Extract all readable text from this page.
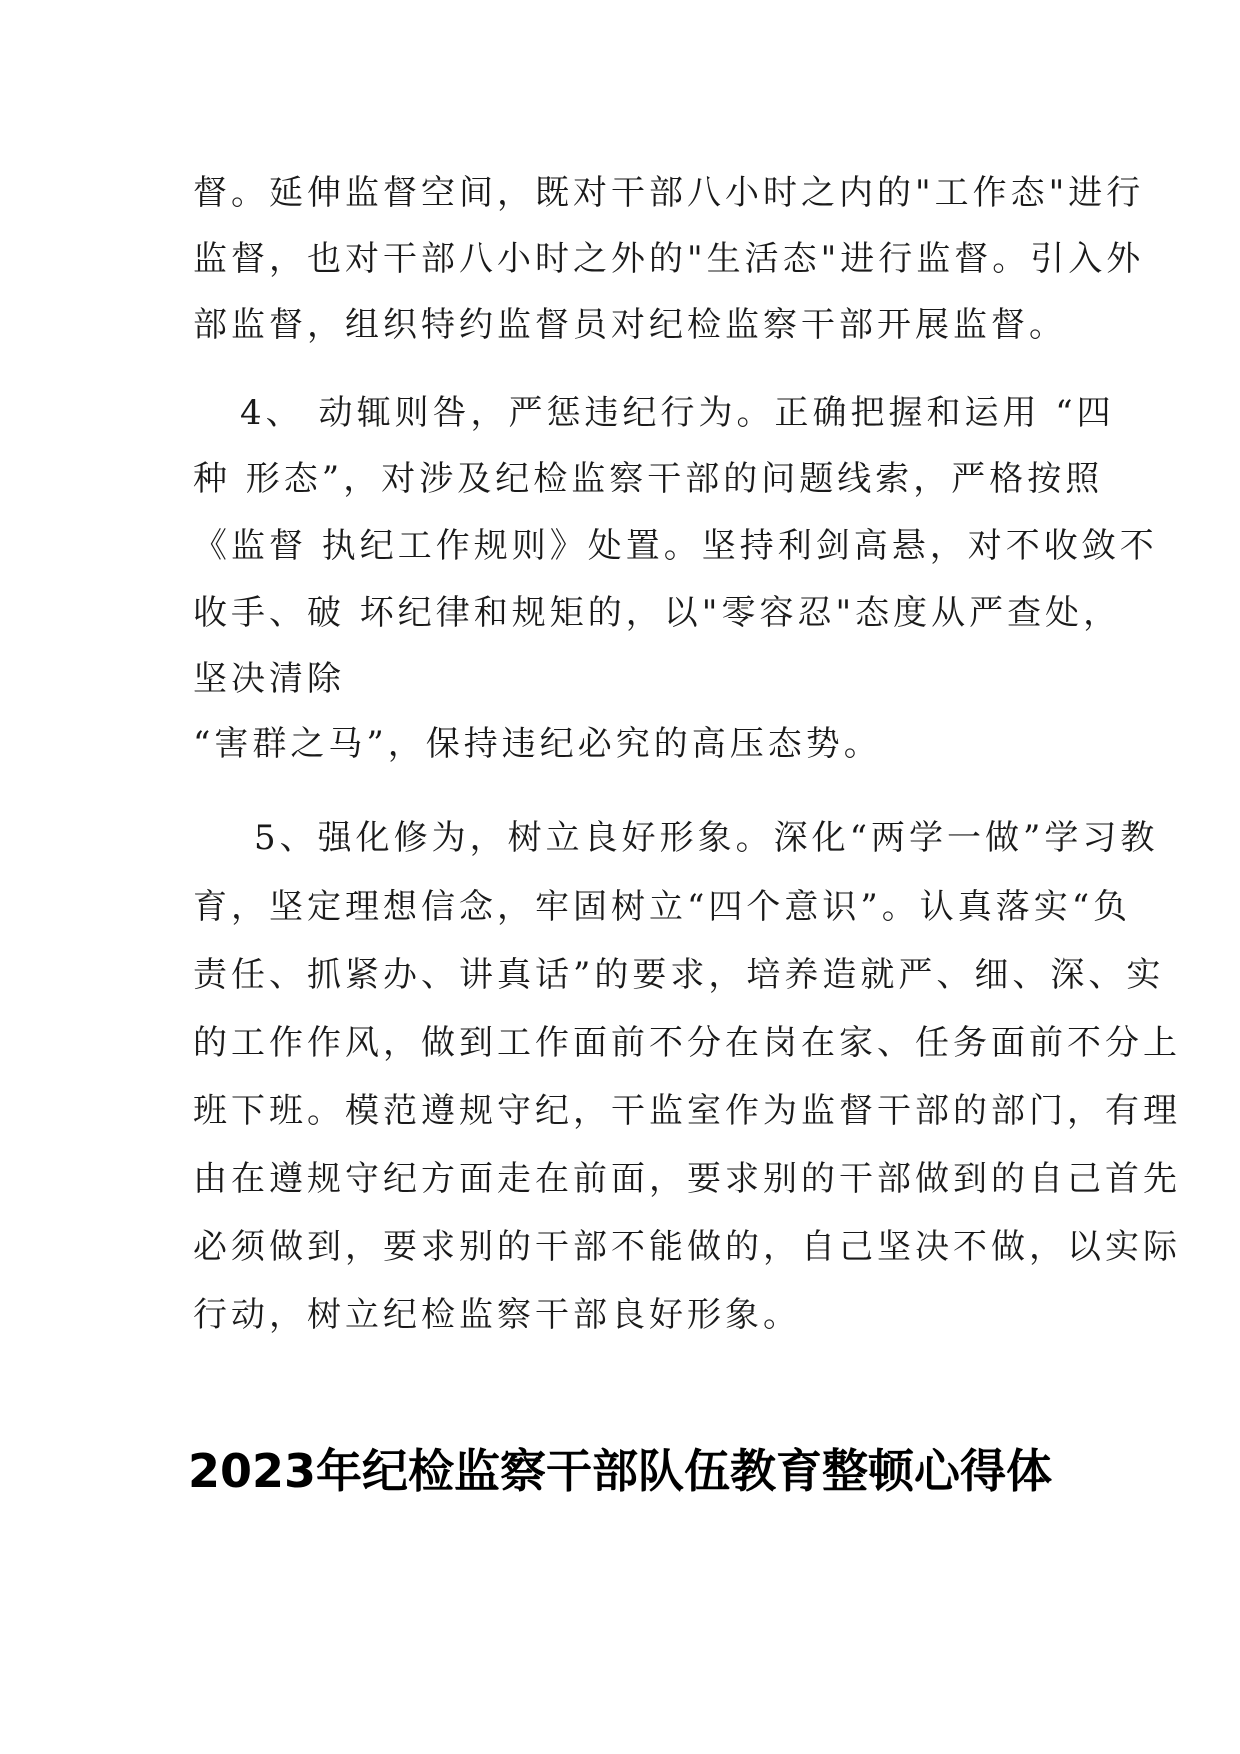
督。延伸监督空间，既对干部八小时之内的"工作态"进行
监督，也对干部八小时之外的"生活态"进行监督。引入外
部监督，组织特约监督员对纪检监察干部开展监督。
4、 动辄则咎，严惩违纪行为。正确把握和运用 “四
种 形态”，对涉及纪检监察干部的问题线索，严格按照
《监督 执纪工作规则》处置。坚持利剑高悬，对不收敛不
收手、破 坏纪律和规矩的，以"零容忍"态度从严查处，
坚决清除
“害群之马”，保持违纪必究的高压态势。
5、强化修为，树立良好形象。深化“两学一做”学习教
育，坚定理想信念，牢固树立“四个意识”。认真落实“负
责任、抓紧办、讲真话”的要求，培养造就严、细、深、实
的工作作风，做到工作面前不分在岗在家、任务面前不分上
班下班。模范遵规守纪，干监室作为监督干部的部门，有理
由在遵规守纪方面走在前面，要求别的干部做到的自己首先
必须做到，要求别的干部不能做的，自己坚决不做，以实际
行动，树立纪检监察干部良好形象。
2023年纪检监察干部队伍教育整顿心得体
